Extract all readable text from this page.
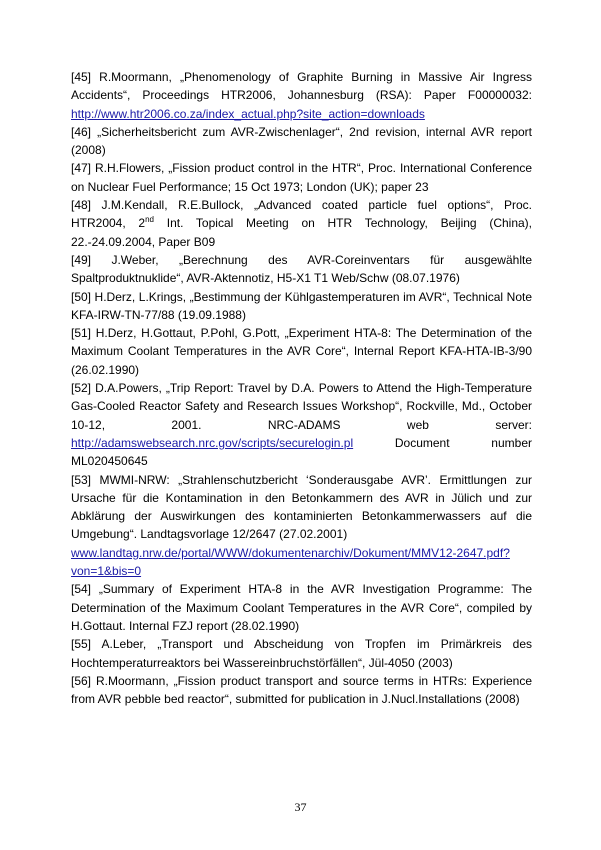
[45] R.Moormann, „Phenomenology of Graphite Burning in Massive Air Ingress Accidents“, Proceedings HTR2006, Johannesburg (RSA): Paper F00000032: http://www.htr2006.co.za/index_actual.php?site_action=downloads

[46] „Sicherheitsbericht zum AVR-Zwischenlager“, 2nd revision, internal AVR report (2008)

[47] R.H.Flowers, „Fission product control in the HTR“, Proc. International Conference on Nuclear Fuel Performance; 15 Oct 1973; London (UK); paper 23

[48] J.M.Kendall, R.E.Bullock, „Advanced coated particle fuel options“, Proc. HTR2004, 2nd Int. Topical Meeting on HTR Technology, Beijing (China), 22.-24.09.2004, Paper B09

[49] J.Weber, „Berechnung des AVR-Coreinventars für ausgewählte Spaltproduktnuklide“, AVR-Aktennotiz, H5-X1 T1 Web/Schw (08.07.1976)

[50] H.Derz, L.Krings, „Bestimmung der Kühlgastemperaturen im AVR“, Technical Note KFA-IRW-TN-77/88 (19.09.1988)

[51] H.Derz, H.Gottaut, P.Pohl, G.Pott, „Experiment HTA-8: The Determination of the Maximum Coolant Temperatures in the AVR Core“, Internal Report KFA-HTA-IB-3/90 (26.02.1990)

[52] D.A.Powers, „Trip Report: Travel by D.A. Powers to Attend the High-Temperature Gas-Cooled Reactor Safety and Research Issues Workshop“, Rockville, Md., October 10-12, 2001. NRC-ADAMS web server: http://adamswebsearch.nrc.gov/scripts/securelogin.pl	Document number ML020450645

[53] MWMI-NRW: „Strahlenschutzbericht ‘Sonderausgabe AVR’. Ermittlungen zur Ursache für die Kontamination in den Betonkammern des AVR in Jülich und zur Abklärung der Auswirkungen des kontaminierten Betonkammerwassers auf die Umgebung“. Landtagsvorlage 12/2647 (27.02.2001)
www.landtag.nrw.de/portal/WWW/dokumentenarchiv/Dokument/MMV12-2647.pdf?von=1&bis=0

[54] „Summary of Experiment HTA-8 in the AVR Investigation Programme: The Determination of the Maximum Coolant Temperatures in the AVR Core“, compiled by H.Gottaut. Internal FZJ report (28.02.1990)

[55] A.Leber, „Transport und Abscheidung von Tropfen im Primärkreis des Hochtemperaturreaktors bei Wassereinbruchstörfällen“, Jül-4050 (2003)

[56] R.Moormann, „Fission product transport and source terms in HTRs: Experience from AVR pebble bed reactor“, submitted for publication in J.Nucl.Installations (2008)

37
